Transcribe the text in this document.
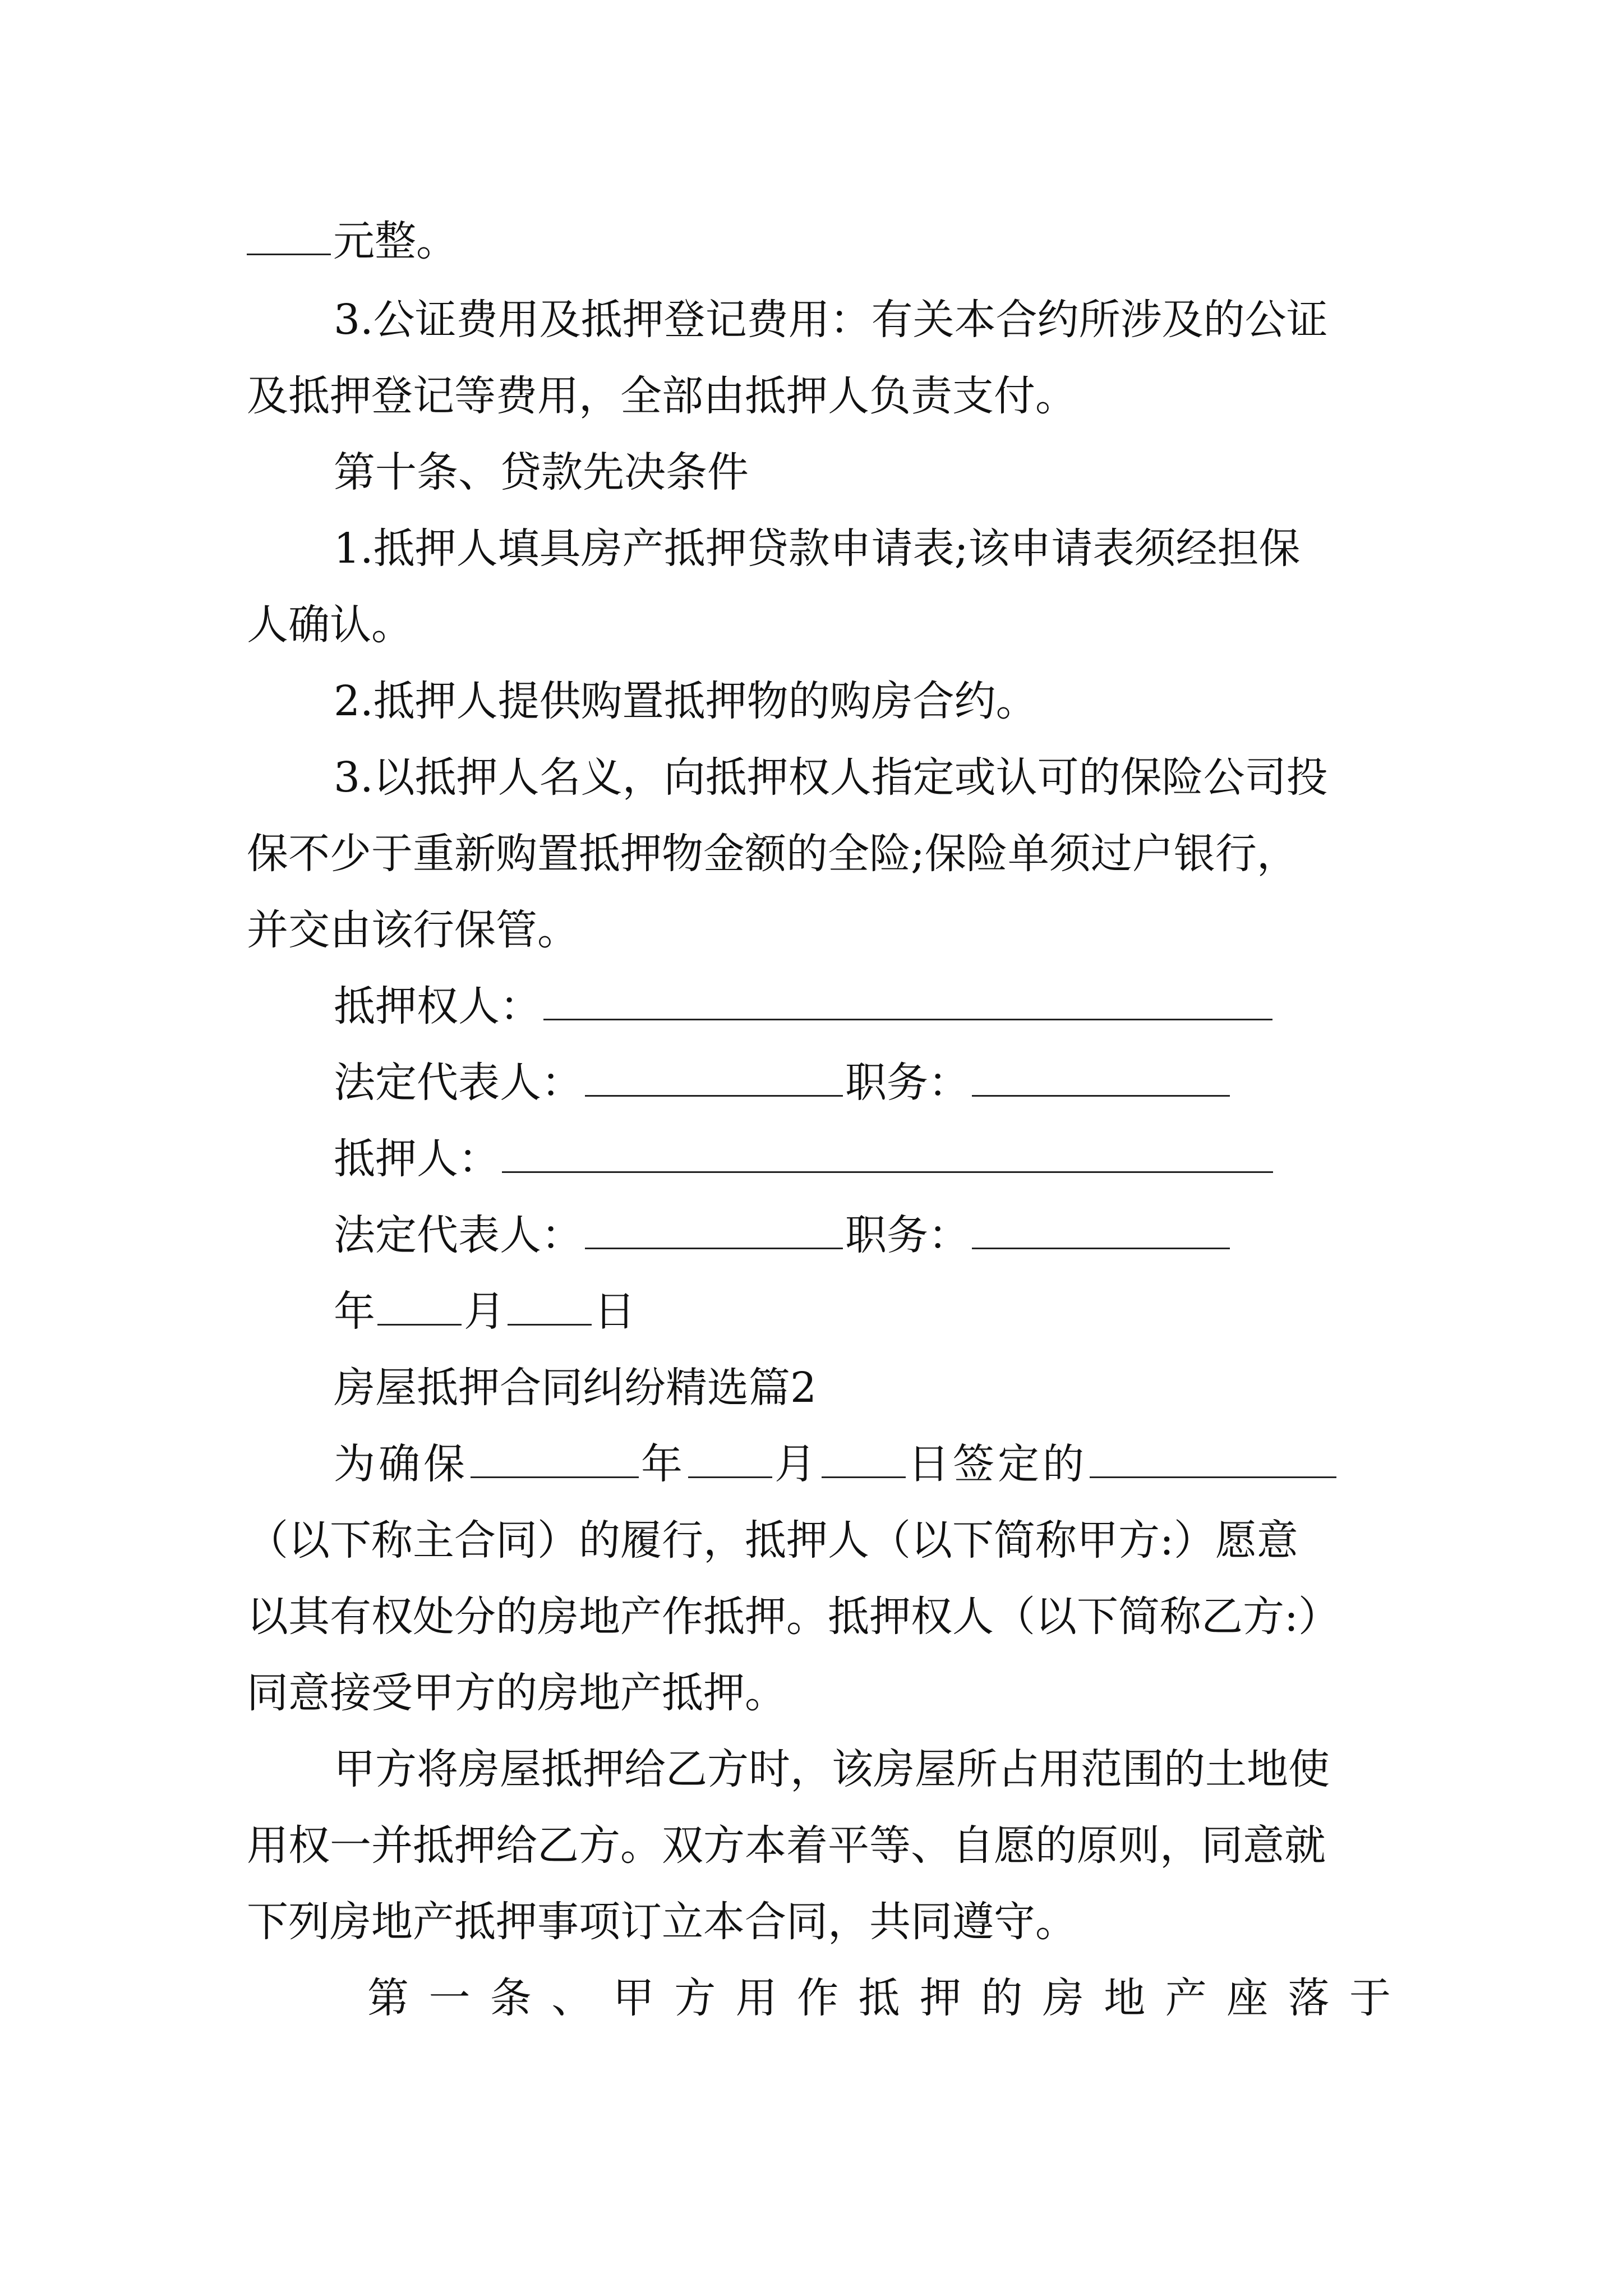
元整。
3.公证费用及抵押登记费用：有关本合约所涉及的公证
及抵押登记等费用，全部由抵押人负责支付。
第十条、贷款先决条件
1.抵押人填具房产抵押贷款申请表;该申请表须经担保
人确认。
2.抵押人提供购置抵押物的购房合约。
3.以抵押人名义，向抵押权人指定或认可的保险公司投
保不少于重新购置抵押物金额的全险;保险单须过户银行，
并交由该行保管。
抵押权人：
法定代表人：	职务：
抵押人：
法定代表人：	职务：
年 月 日
房屋抵押合同纠纷精选篇2
为确保	年 月 日签定的
（以下称主合同）的履行，抵押人（以下简称甲方:）愿意
以其有权处分的房地产作抵押。抵押权人（以下简称乙方:）
同意接受甲方的房地产抵押。
甲方将房屋抵押给乙方时，该房屋所占用范围的土地使
用权一并抵押给乙方。双方本着平等、自愿的原则，同意就
下列房地产抵押事项订立本合同，共同遵守。
第 一 条 、 甲 方 用 作 抵 押 的 房 地 产 座 落 于
